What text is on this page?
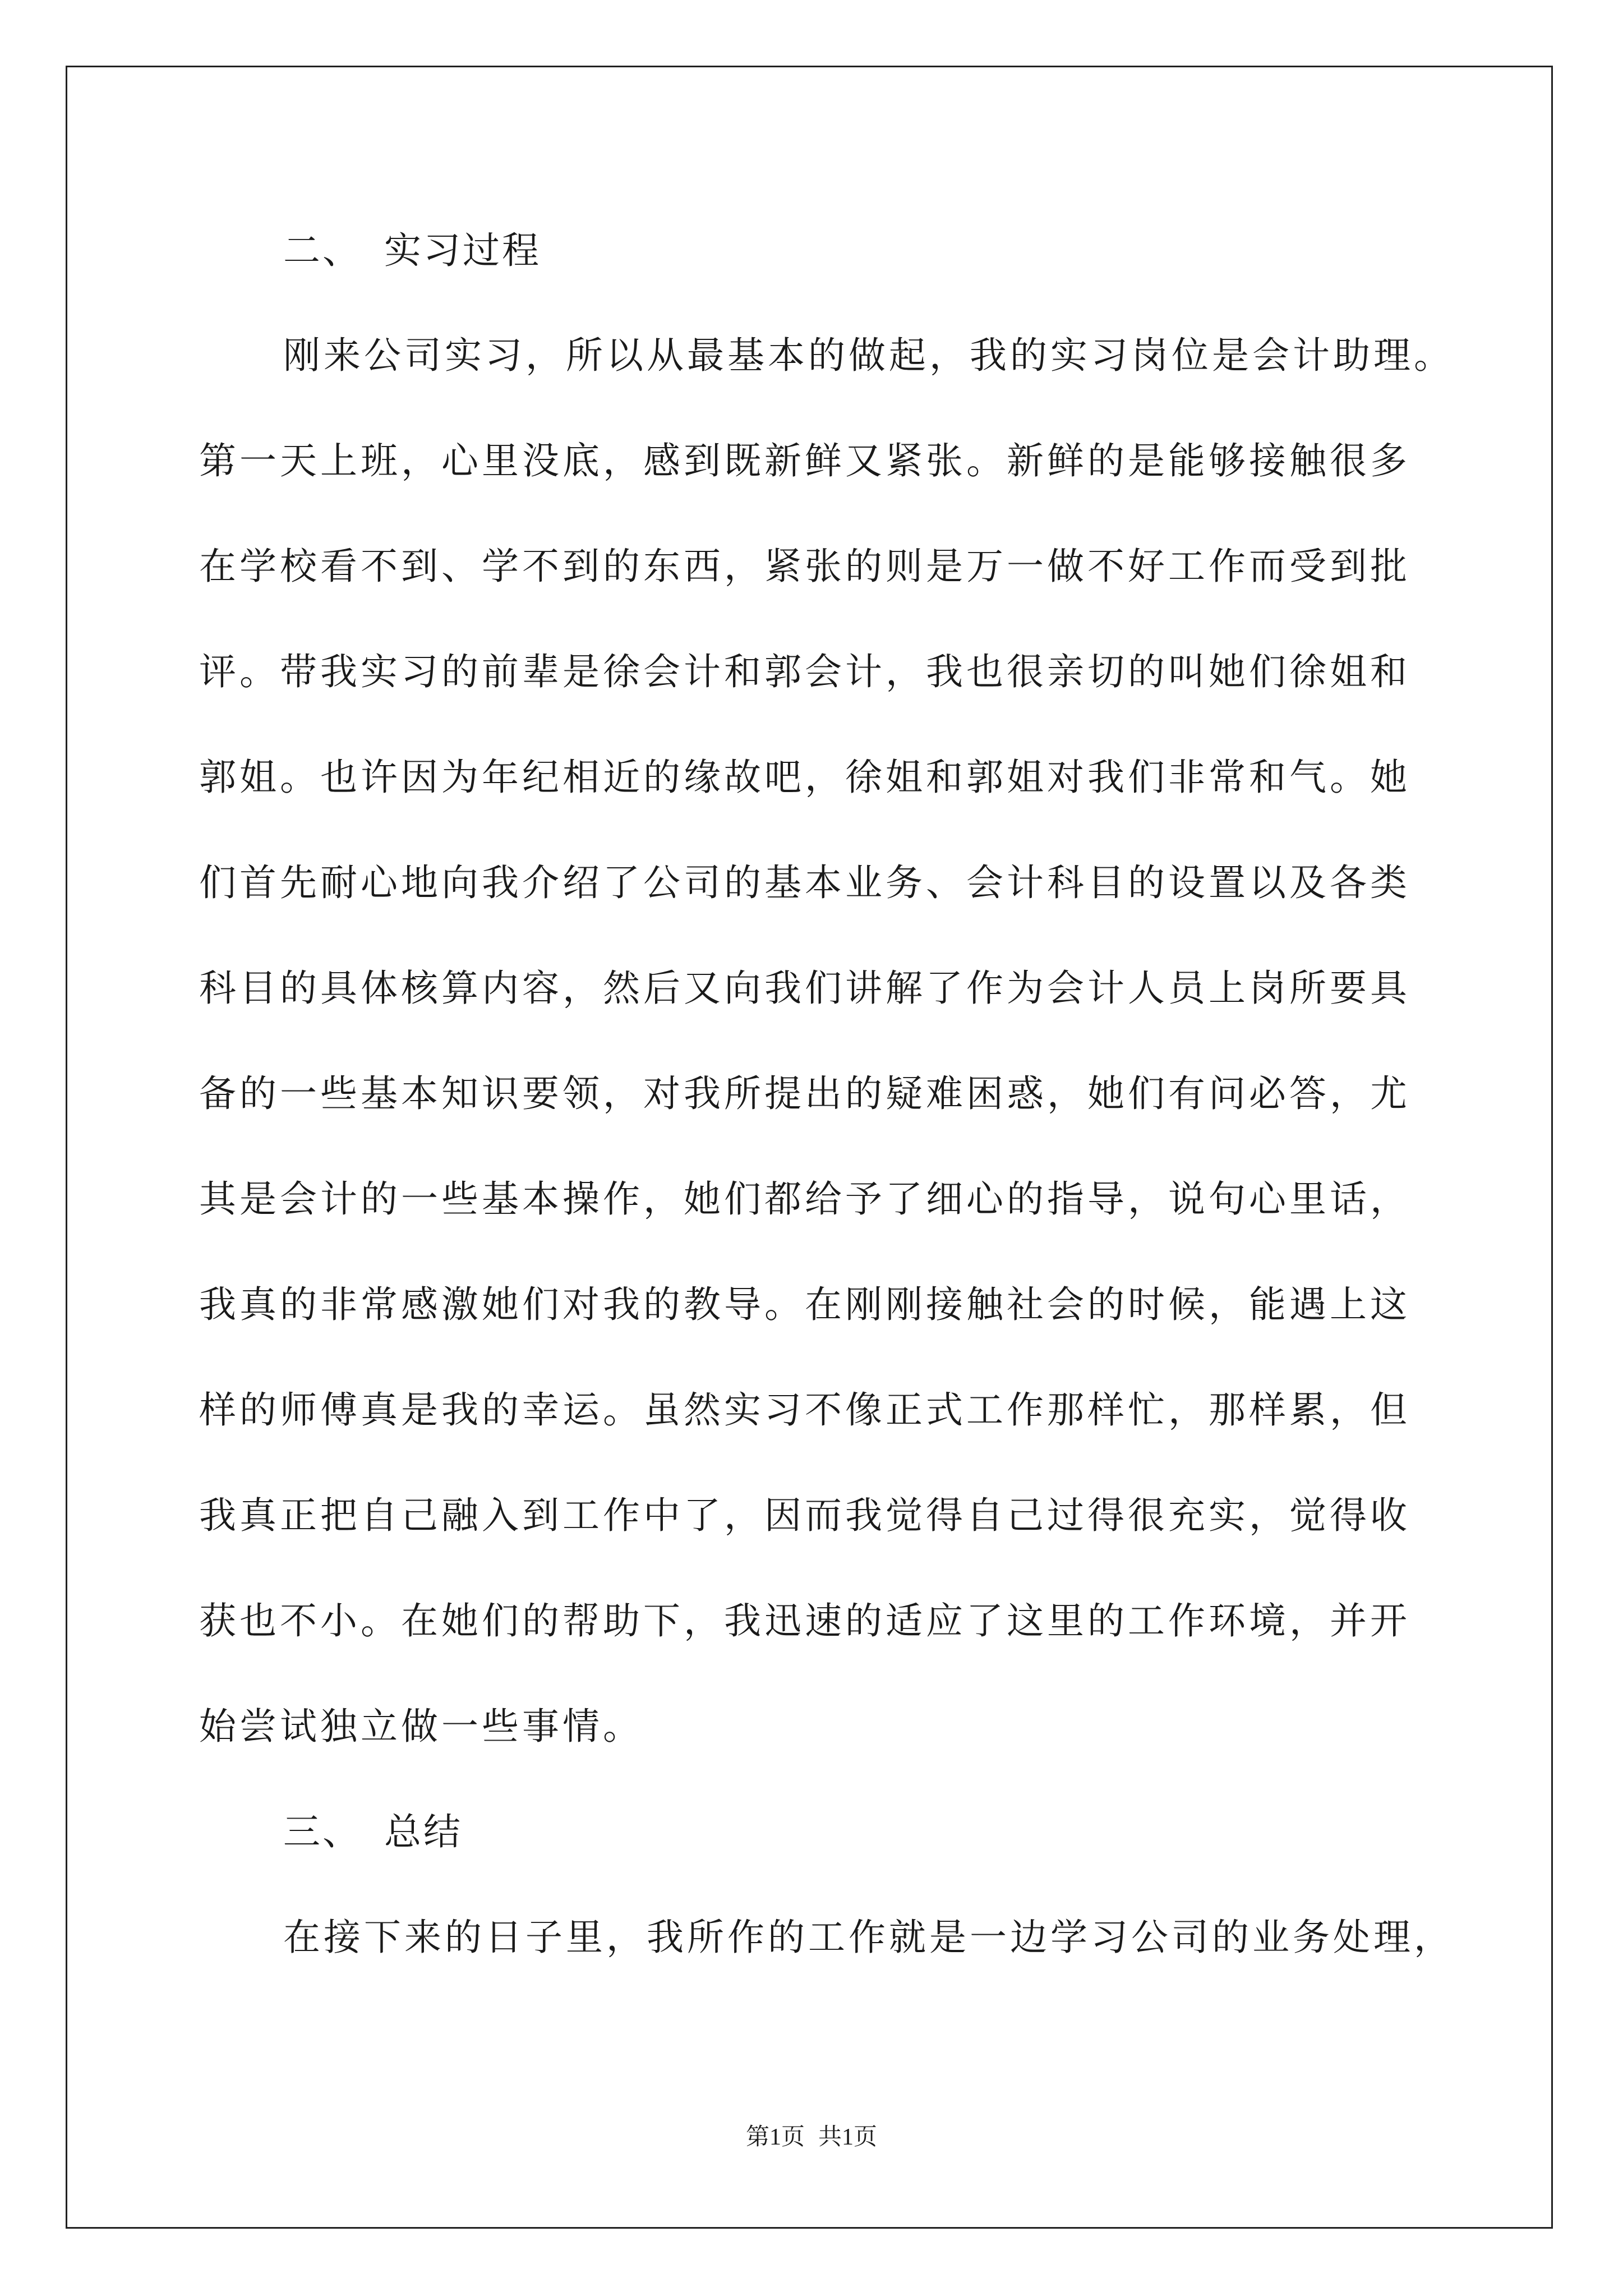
二、 实习过程
刚来公司实习，所以从最基本的做起，我的实习岗位是会计助理。
第一天上班，心里没底，感到既新鲜又紧张。新鲜的是能够接触很多
在学校看不到、学不到的东西，紧张的则是万一做不好工作而受到批
评。带我实习的前辈是徐会计和郭会计，我也很亲切的叫她们徐姐和
郭姐。也许因为年纪相近的缘故吧，徐姐和郭姐对我们非常和气。她
们首先耐心地向我介绍了公司的基本业务、会计科目的设置以及各类
科目的具体核算内容，然后又向我们讲解了作为会计人员上岗所要具
备的一些基本知识要领，对我所提出的疑难困惑，她们有问必答，尤
其是会计的一些基本操作，她们都给予了细心的指导，说句心里话，
我真的非常感激她们对我的教导。在刚刚接触社会的时候，能遇上这
样的师傅真是我的幸运。虽然实习不像正式工作那样忙，那样累，但
我真正把自己融入到工作中了，因而我觉得自己过得很充实，觉得收
获也不小。在她们的帮助下，我迅速的适应了这里的工作环境，并开
始尝试独立做一些事情。
三、 总结
在接下来的日子里，我所作的工作就是一边学习公司的业务处理，
第1页 共1页
